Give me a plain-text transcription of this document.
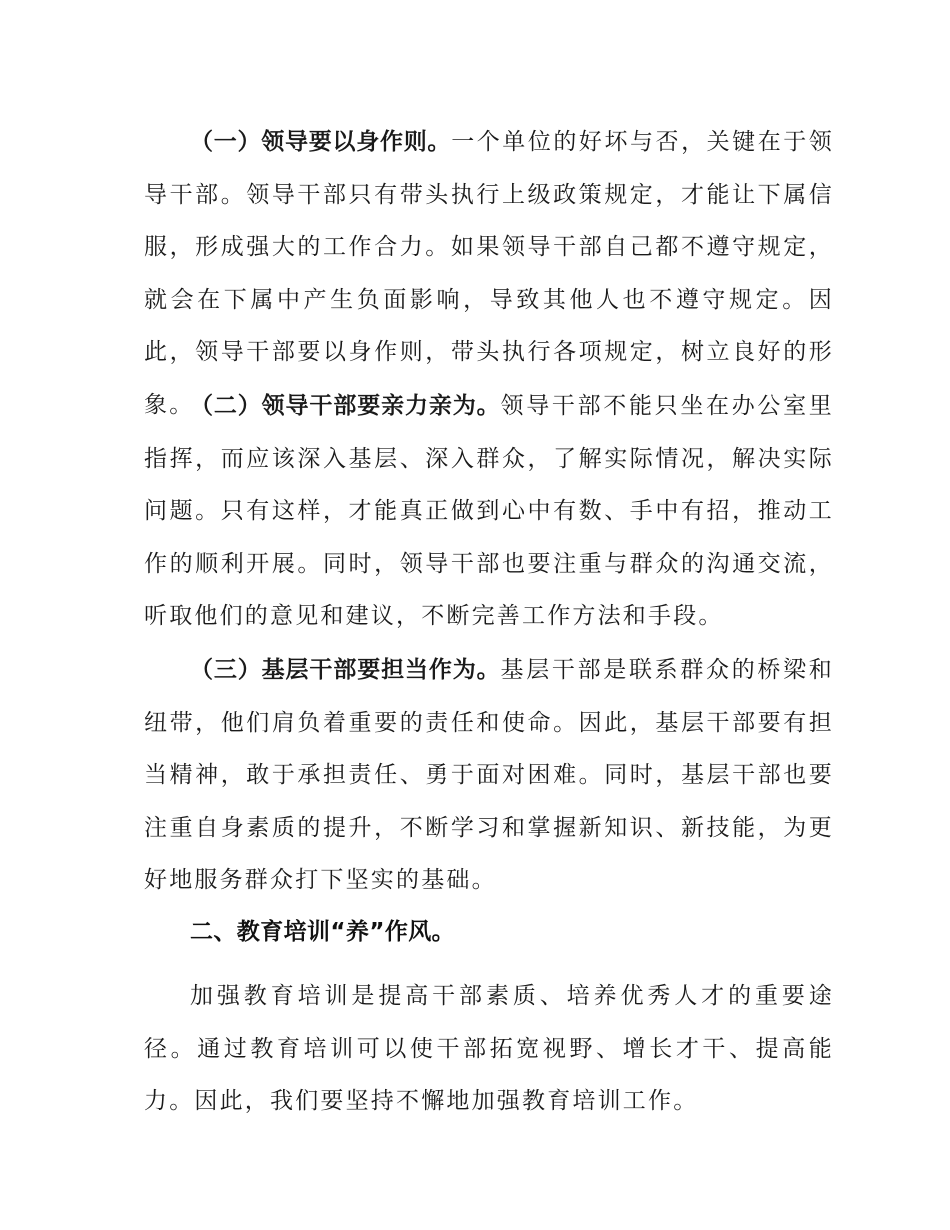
（一）领导要以身作则。一个单位的好坏与否，关键在于领导干部。领导干部只有带头执行上级政策规定，才能让下属信服，形成强大的工作合力。如果领导干部自己都不遵守规定，就会在下属中产生负面影响，导致其他人也不遵守规定。因此，领导干部要以身作则，带头执行各项规定，树立良好的形象。

（二）领导干部要亲力亲为。领导干部不能只坐在办公室里指挥，而应该深入基层、深入群众，了解实际情况，解决实际问题。只有这样，才能真正做到心中有数、手中有招，推动工作的顺利开展。同时，领导干部也要注重与群众的沟通交流，听取他们的意见和建议，不断完善工作方法和手段。

（三）基层干部要担当作为。基层干部是联系群众的桥梁和纽带，他们肩负着重要的责任和使命。因此，基层干部要有担当精神，敢于承担责任、勇于面对困难。同时，基层干部也要注重自身素质的提升，不断学习和掌握新知识、新技能，为更好地服务群众打下坚实的基础。

二、教育培训“养”作风。

加强教育培训是提高干部素质、培养优秀人才的重要途径。通过教育培训可以使干部拓宽视野、增长才干、提高能力。因此，我们要坚持不懈地加强教育培训工作。
